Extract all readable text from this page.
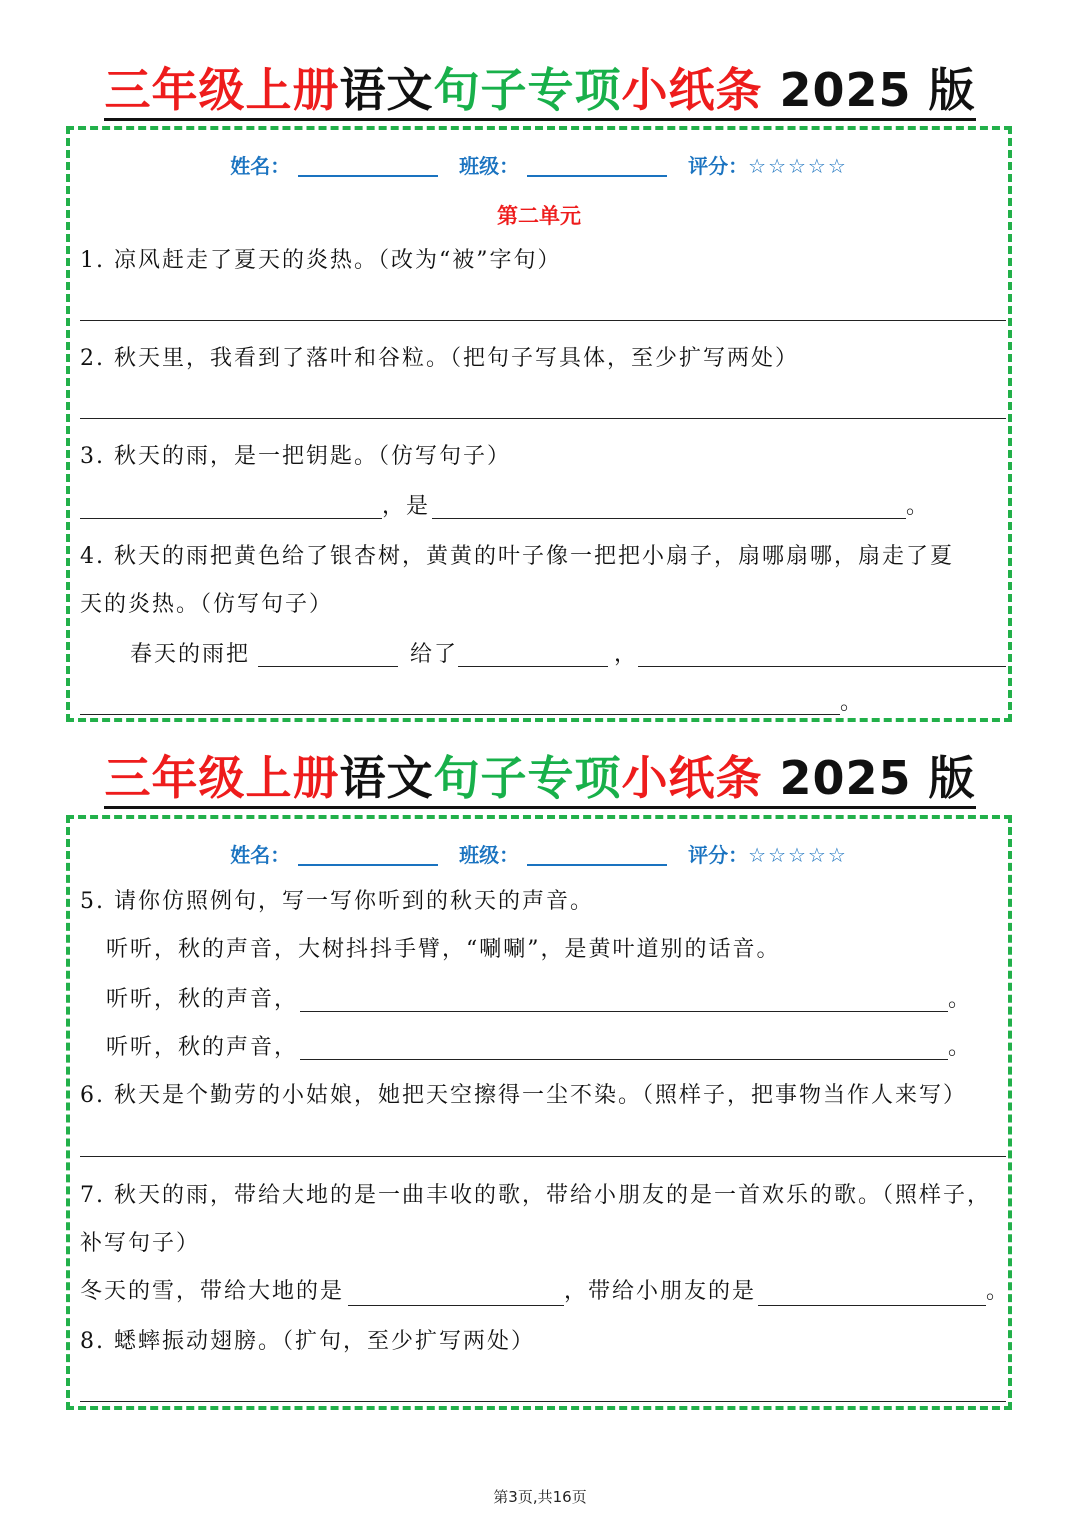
三年级上册语文句子专项小纸条 2025 版
姓名：	班级：	评分：☆☆☆☆☆
第二单元
1. 凉风赶走了夏天的炎热。（改为“被”字句）
2. 秋天里，我看到了落叶和谷粒。（把句子写具体，至少扩写两处）
3. 秋天的雨，是一把钥匙。（仿写句子）
，是	。
4. 秋天的雨把黄色给了银杏树，黄黄的叶子像一把把小扇子，扇哪扇哪，扇走了夏
天的炎热。（仿写句子）
春天的雨把	给了	，
。
三年级上册语文句子专项小纸条 2025 版
姓名：	班级：	评分：☆☆☆☆☆
5. 请你仿照例句，写一写你听到的秋天的声音。
听听，秋的声音，大树抖抖手臂，“唰唰”，是黄叶道别的话音。
听听，秋的声音，	。
听听，秋的声音，	。
6. 秋天是个勤劳的小姑娘，她把天空擦得一尘不染。（照样子，把事物当作人来写）
7. 秋天的雨，带给大地的是一曲丰收的歌，带给小朋友的是一首欢乐的歌。（照样子，
补写句子）
冬天的雪，带给大地的是	，带给小朋友的是	。
8. 蟋蟀振动翅膀。（扩句，至少扩写两处）
第3页,共16页
